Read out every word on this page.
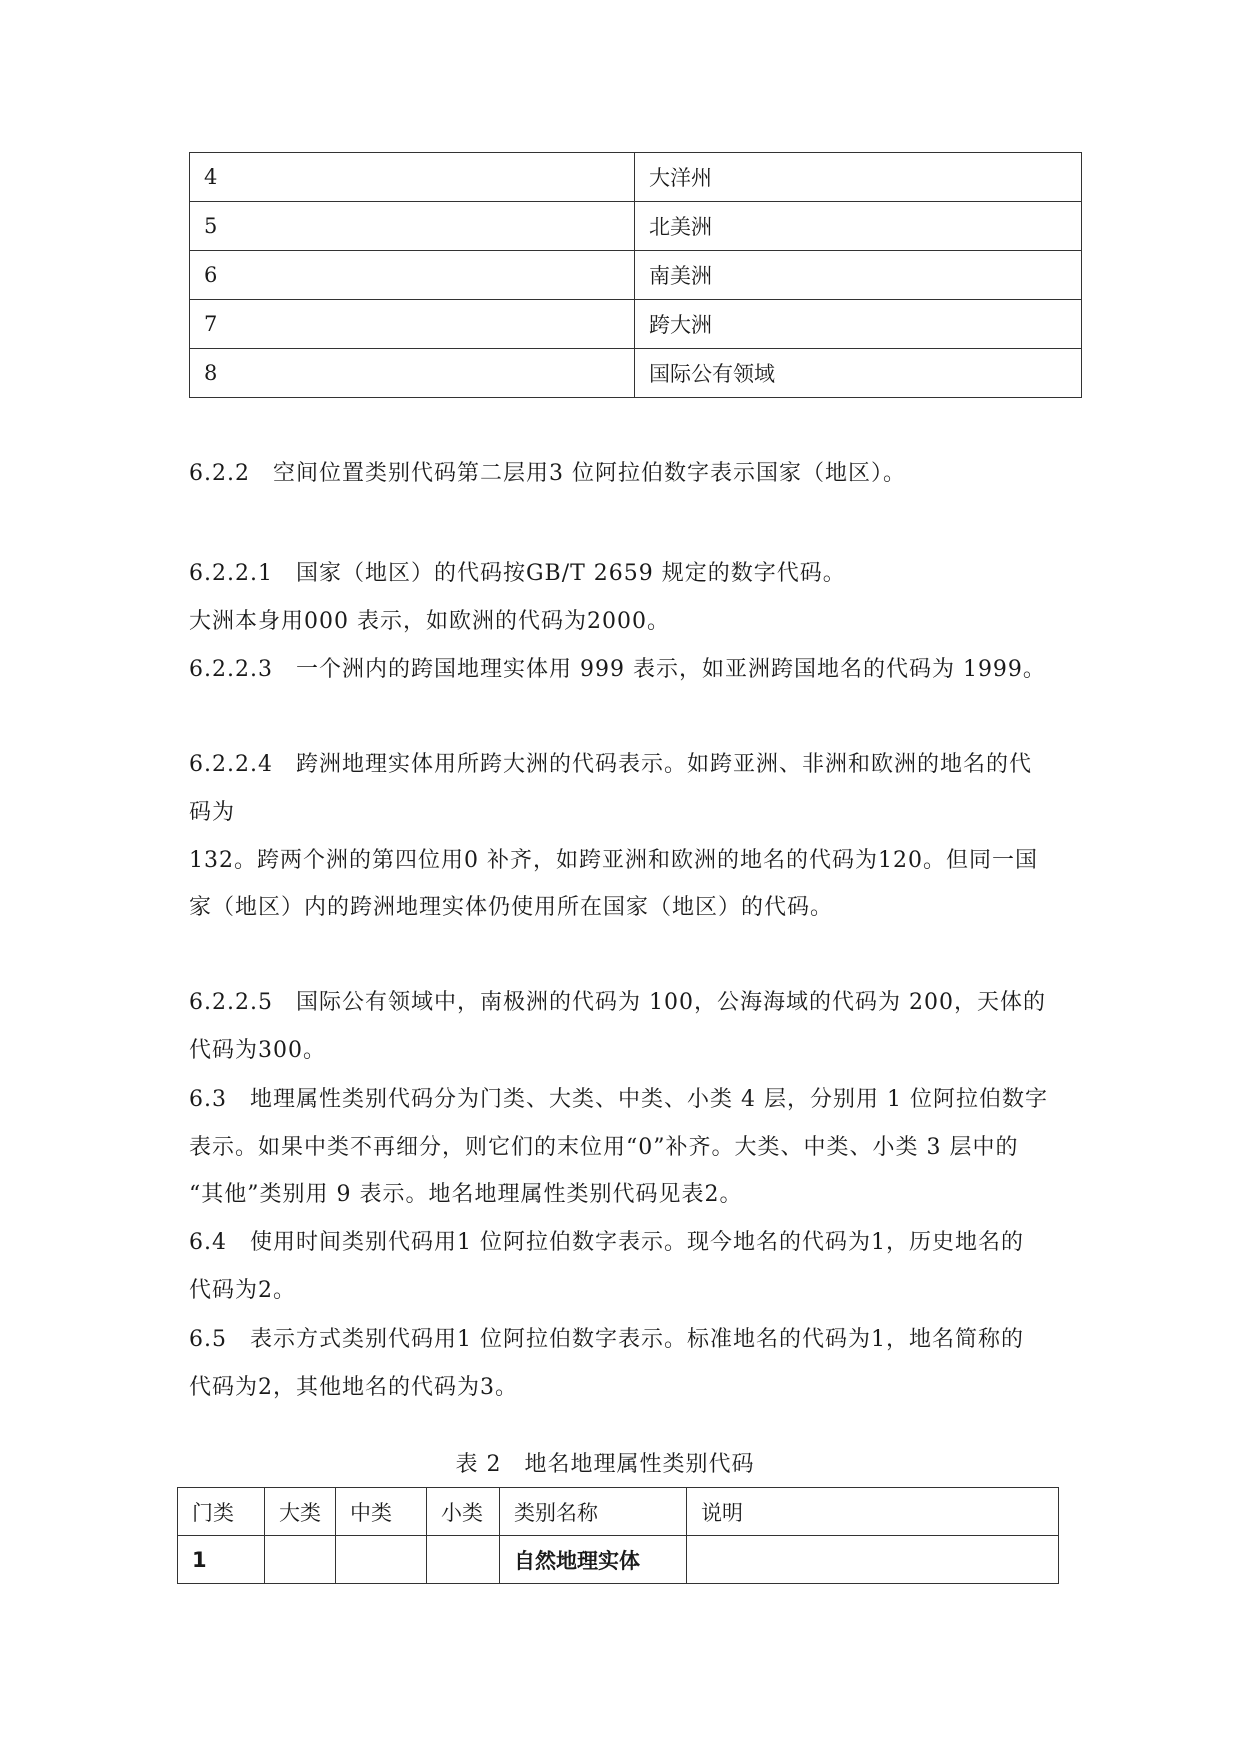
4	大洋州
5	北美洲
6	南美洲
7	跨大洲
8	国际公有领域
6.2.2　空间位置类别代码第二层用3 位阿拉伯数字表示国家（地区）。
6.2.2.1　国家（地区）的代码按GB/T 2659 规定的数字代码。
大洲本身用000 表示，如欧洲的代码为2000。
6.2.2.3　一个洲内的跨国地理实体用 999 表示，如亚洲跨国地名的代码为 1999。
6.2.2.4　跨洲地理实体用所跨大洲的代码表示。如跨亚洲、非洲和欧洲的地名的代
码为
132。跨两个洲的第四位用0 补齐，如跨亚洲和欧洲的地名的代码为120。但同一国
家（地区）内的跨洲地理实体仍使用所在国家（地区）的代码。
6.2.2.5　国际公有领域中，南极洲的代码为 100，公海海域的代码为 200，天体的
代码为300。
6.3　地理属性类别代码分为门类、大类、中类、小类 4 层，分别用 1 位阿拉伯数字
表示。如果中类不再细分，则它们的末位用“0”补齐。大类、中类、小类 3 层中的
“其他”类别用 9 表示。地名地理属性类别代码见表2。
6.4　使用时间类别代码用1 位阿拉伯数字表示。现今地名的代码为1，历史地名的
代码为2。
6.5　表示方式类别代码用1 位阿拉伯数字表示。标准地名的代码为1，地名简称的
代码为2，其他地名的代码为3。
表 2　地名地理属性类别代码
门类	大类	中类	小类	类别名称	说明
1				自然地理实体	
